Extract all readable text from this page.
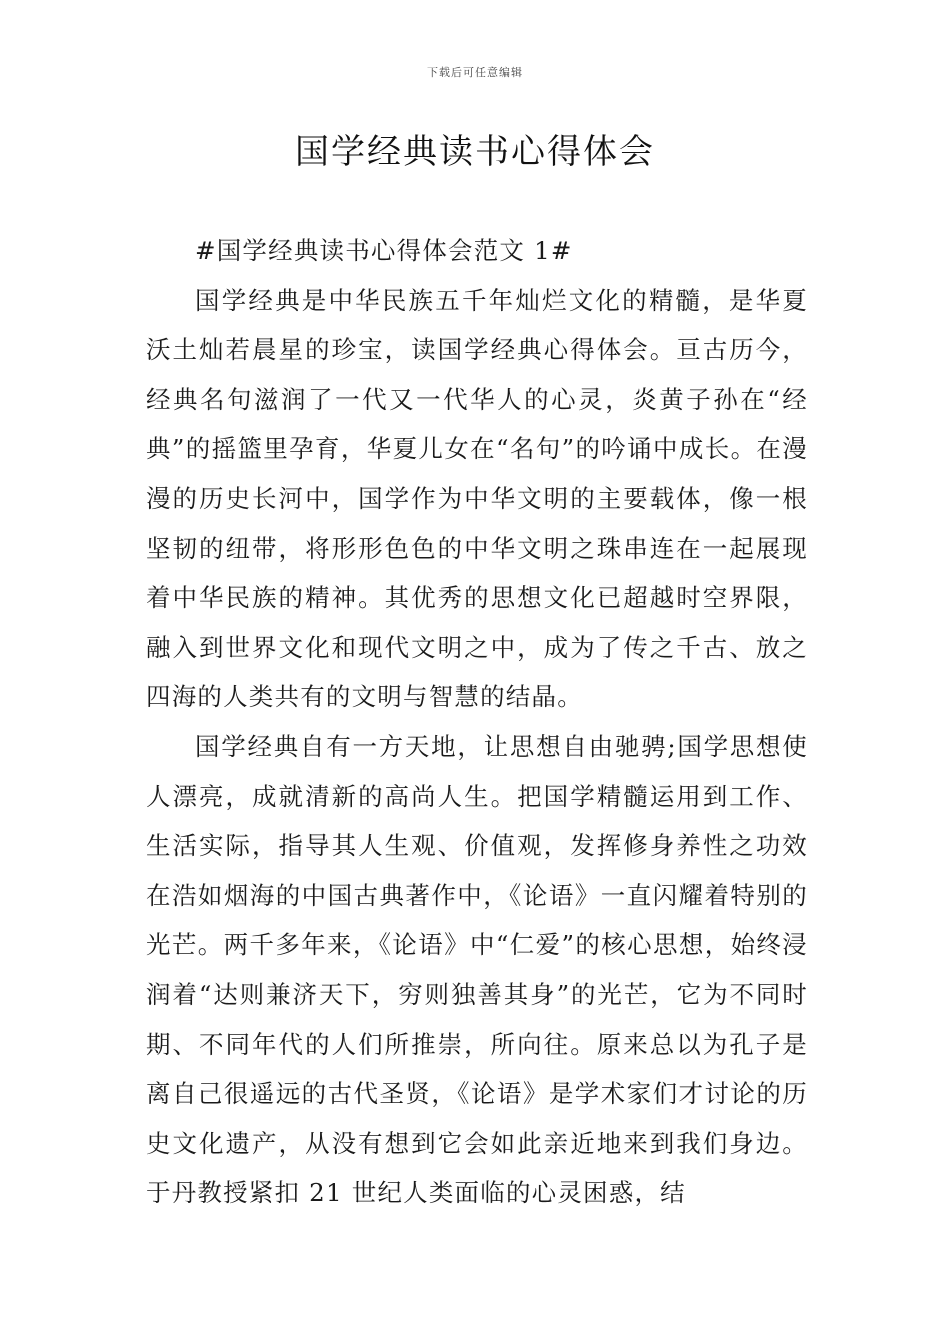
下载后可任意编辑
国学经典读书心得体会

#国学经典读书心得体会范文 1#

国学经典是中华民族五千年灿烂文化的精髓，是华夏沃土灿若晨星的珍宝，读国学经典心得体会。亘古历今，经典名句滋润了一代又一代华人的心灵，炎黄子孙在“经典”的摇篮里孕育，华夏儿女在“名句”的吟诵中成长。在漫漫的历史长河中，国学作为中华文明的主要载体，像一根坚韧的纽带，将形形色色的中华文明之珠串连在一起展现着中华民族的精神。其优秀的思想文化已超越时空界限，融入到世界文化和现代文明之中，成为了传之千古、放之四海的人类共有的文明与智慧的结晶。

国学经典自有一方天地，让思想自由驰骋;国学思想使人漂亮，成就清新的高尚人生。把国学精髓运用到工作、生活实际，指导其人生观、价值观，发挥修身养性之功效在浩如烟海的中国古典著作中，《论语》一直闪耀着特别的光芒。两千多年来，《论语》中“仁爱”的核心思想，始终浸润着“达则兼济天下，穷则独善其身”的光芒，它为不同时期、不同年代的人们所推崇，所向往。原来总以为孔子是离自己很遥远的古代圣贤，《论语》是学术家们才讨论的历史文化遗产，从没有想到它会如此亲近地来到我们身边。于丹教授紧扣 21 世纪人类面临的心灵困惑，结
